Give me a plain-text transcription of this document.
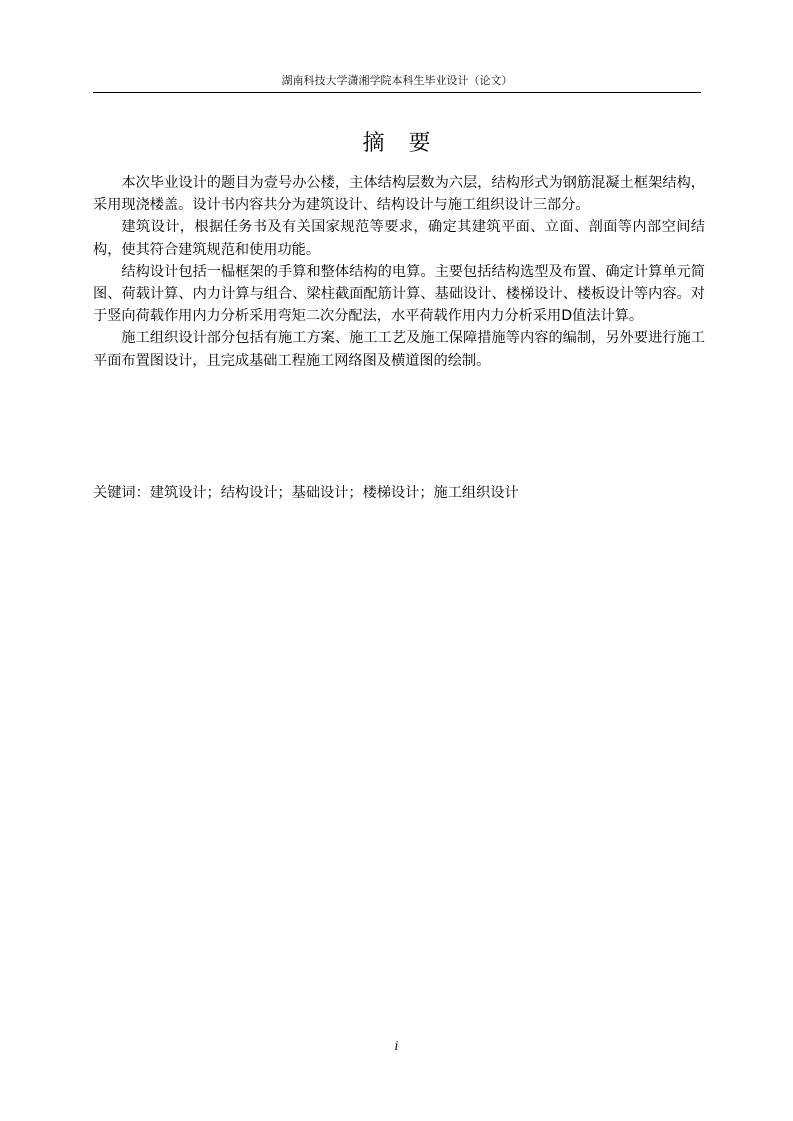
湖南科技大学潇湘学院本科生毕业设计（论文）
摘 要

本次毕业设计的题目为壹号办公楼，主体结构层数为六层，结构形式为钢筋混凝土框架结构，采用现浇楼盖。设计书内容共分为建筑设计、结构设计与施工组织设计三部分。

建筑设计，根据任务书及有关国家规范等要求，确定其建筑平面、立面、剖面等内部空间结构，使其符合建筑规范和使用功能。

结构设计包括一榀框架的手算和整体结构的电算。主要包括结构选型及布置、确定计算单元简图、荷载计算、内力计算与组合、梁柱截面配筋计算、基础设计、楼梯设计、楼板设计等内容。对于竖向荷载作用内力分析采用弯矩二次分配法，水平荷载作用内力分析采用D值法计算。

施工组织设计部分包括有施工方案、施工工艺及施工保障措施等内容的编制，另外要进行施工平面布置图设计，且完成基础工程施工网络图及横道图的绘制。

关键词：建筑设计；结构设计；基础设计；楼梯设计；施工组织设计
i
